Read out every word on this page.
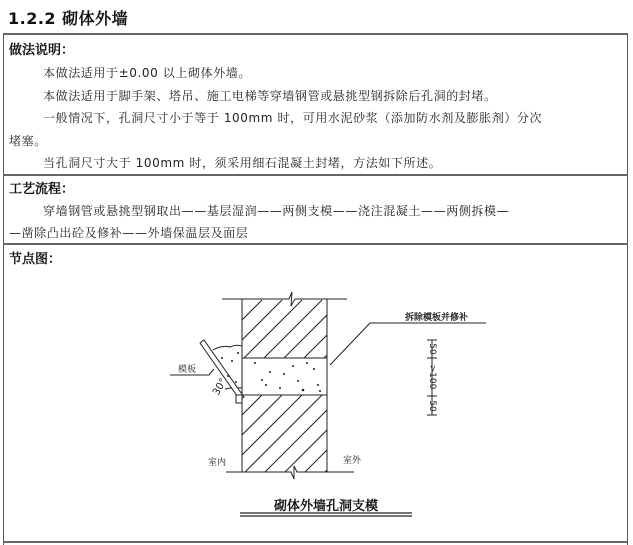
1.2.2 砌体外墙
做法说明：
本做法适用于±0.00 以上砌体外墙。
本做法适用于脚手架、塔吊、施工电梯等穿墙钢管或悬挑型钢拆除后孔洞的封堵。
一般情况下，孔洞尺寸小于等于 100mm 时，可用水泥砂浆（添加防水剂及膨胀剂）分次
堵塞。
当孔洞尺寸大于 100mm 时，须采用细石混凝土封堵，方法如下所述。
工艺流程：
穿墙钢管或悬挑型钢取出——基层湿润——两侧支模——浇注混凝土——两侧拆模—
—凿除凸出砼及修补——外墙保温层及面层
节点图：
模板
30°
拆除模板并修补
室内	室外
50
>100
50
砌体外墙孔洞支模
